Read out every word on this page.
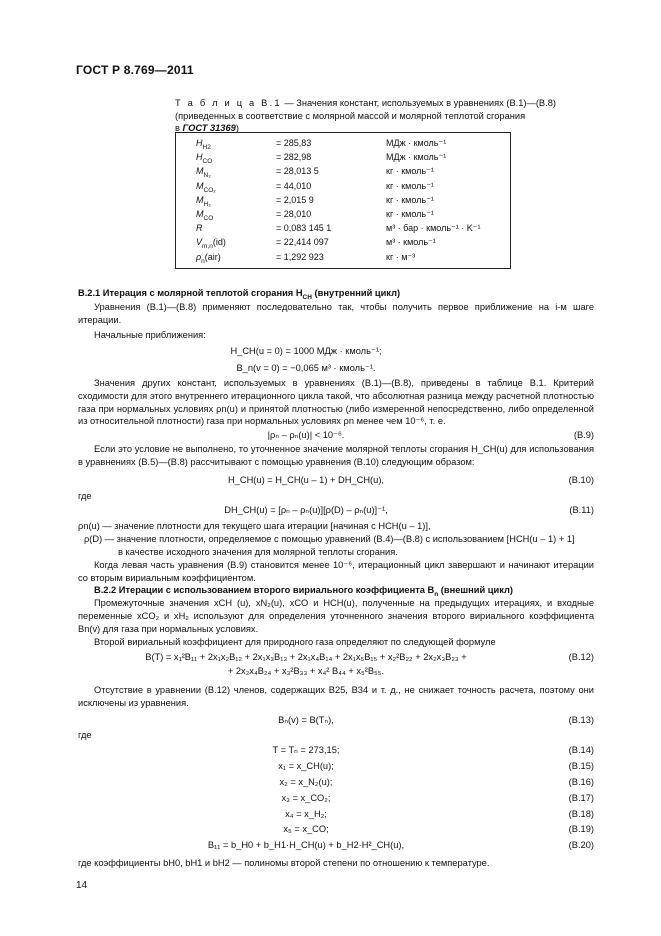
ГОСТ Р 8.769—2011
Т а б л и ц а В.1 — Значения констант, используемых в уравнениях (В.1)—(В.8)
(приведенных в соответствие с молярной массой и молярной теплотой сгорания
в ГОСТ 31369)
$H_{H2}$	= 285,83	МДж · кмоль⁻¹
$H_{CO}$	= 282,98	МДж · кмоль⁻¹
$M_{N_2}$	= 28,013 5	кг · кмоль⁻¹
$M_{CO_2}$	= 44,010	кг · кмоль⁻¹
$M_{H_2}$	= 2,015 9	кг · кмоль⁻¹
$M_{CO}$	= 28,010	кг · кмоль⁻¹
R	= 0,083 145 1	м³ · бар · кмоль⁻¹ · K⁻¹
$V_{m,n}(id)$	= 22,414 097	м³ · кмоль⁻¹
$\rho_n(air)$	= 1,292 923	кг · м⁻³
В.2.1 Итерация с молярной теплотой сгорания $H_{CH}$ (внутренний цикл)
Уравнения (В.1)—(В.8) применяют последовательно так, чтобы получить первое приближение на i-м шаге итерации.
Начальные приближения:
H_CH(u = 0) = 1000 МДж · кмоль⁻¹;
B_n(v = 0) = −0,065 м³ · кмоль⁻¹.
Значения других констант, используемых в уравнениях (В.1)—(В.8), приведены в таблице В.1. Критерий сходимости для этого внутреннего итерационного цикла такой, что абсолютная разница между расчетной плотностью газа при нормальных условиях ρn(u) и принятой плотностью (либо измеренной непосредственно, либо определенной из относительной плотности) газа при нормальных условиях ρn менее чем 10⁻⁶, т. е.
|ρₙ – ρₙ(u)| < 10⁻⁶.	(В.9)
Если это условие не выполнено, то уточненное значение молярной теплоты сгорания H_CH(u) для использования в уравнениях (В.5)—(В.8) рассчитывают с помощью уравнения (В.10) следующим образом:
H_CH(u) = H_CH(u – 1) + DH_CH(u),	(В.10)
где
DH_CH(u) = [ρₙ – ρₙ(u)][ρ(D) – ρₙ(u)]⁻¹,	(В.11)
ρn(u) — значение плотности для текущего шага итерации [начиная с HCH(u – 1)],
ρ(D) — значение плотности, определяемое с помощью уравнений (В.4)—(В.8) с использованием [HCH(u – 1) + 1]
в качестве исходного значения для молярной теплоты сгорания.
Когда левая часть уравнения (В.9) становится менее 10⁻⁶, итерационный цикл завершают и начинают итерации со вторым вириальным коэффициентом.
В.2.2 Итерации с использованием второго вириального коэффициента $B_n$ (внешний цикл)
Промежуточные значения xCH (u), xN₂(u), xCO и HCH(u), полученные на предыдущих итерациях, и входные переменные xCO₂ и xH₂ используют для определения уточненного значения второго вириального коэффициента Bn(v) для газа при нормальных условиях.
Второй вириальный коэффициент для природного газа определяют по следующей формуле
B(T) = x₁²B₁₁ + 2x₁x₂B₁₂ + 2x₁x₃B₁₃ + 2x₁x₄B₁₄ + 2x₁x₅B₁₅ + x₂²B₂₂ + 2x₂x₃B₂₃ +	(В.12)
+ 2x₂x₄B₂₄ + x₃²B₃₃ + x₄² B₄₄ + x₅²B₅₅.
Отсутствие в уравнении (В.12) членов, содержащих B25, B34 и т. д., не снижает точность расчета, поэтому они исключены из уравнения.
Bₙ(v) = B(Tₙ),	(В.13)
где
T = Tₙ = 273,15;	(В.14)
x₁ = x_CH(u);	(В.15)
x₂ = x_N₂(u);	(В.16)
x₃ = x_CO₂;	(В.17)
x₄ = x_H₂;	(В.18)
x₅ = x_CO;	(В.19)
B₁₁ = b_H0 + b_H1·H_CH(u) + b_H2·H²_CH(u),	(В.20)
где коэффициенты bH0, bH1 и bH2 — полиномы второй степени по отношению к температуре.
14
